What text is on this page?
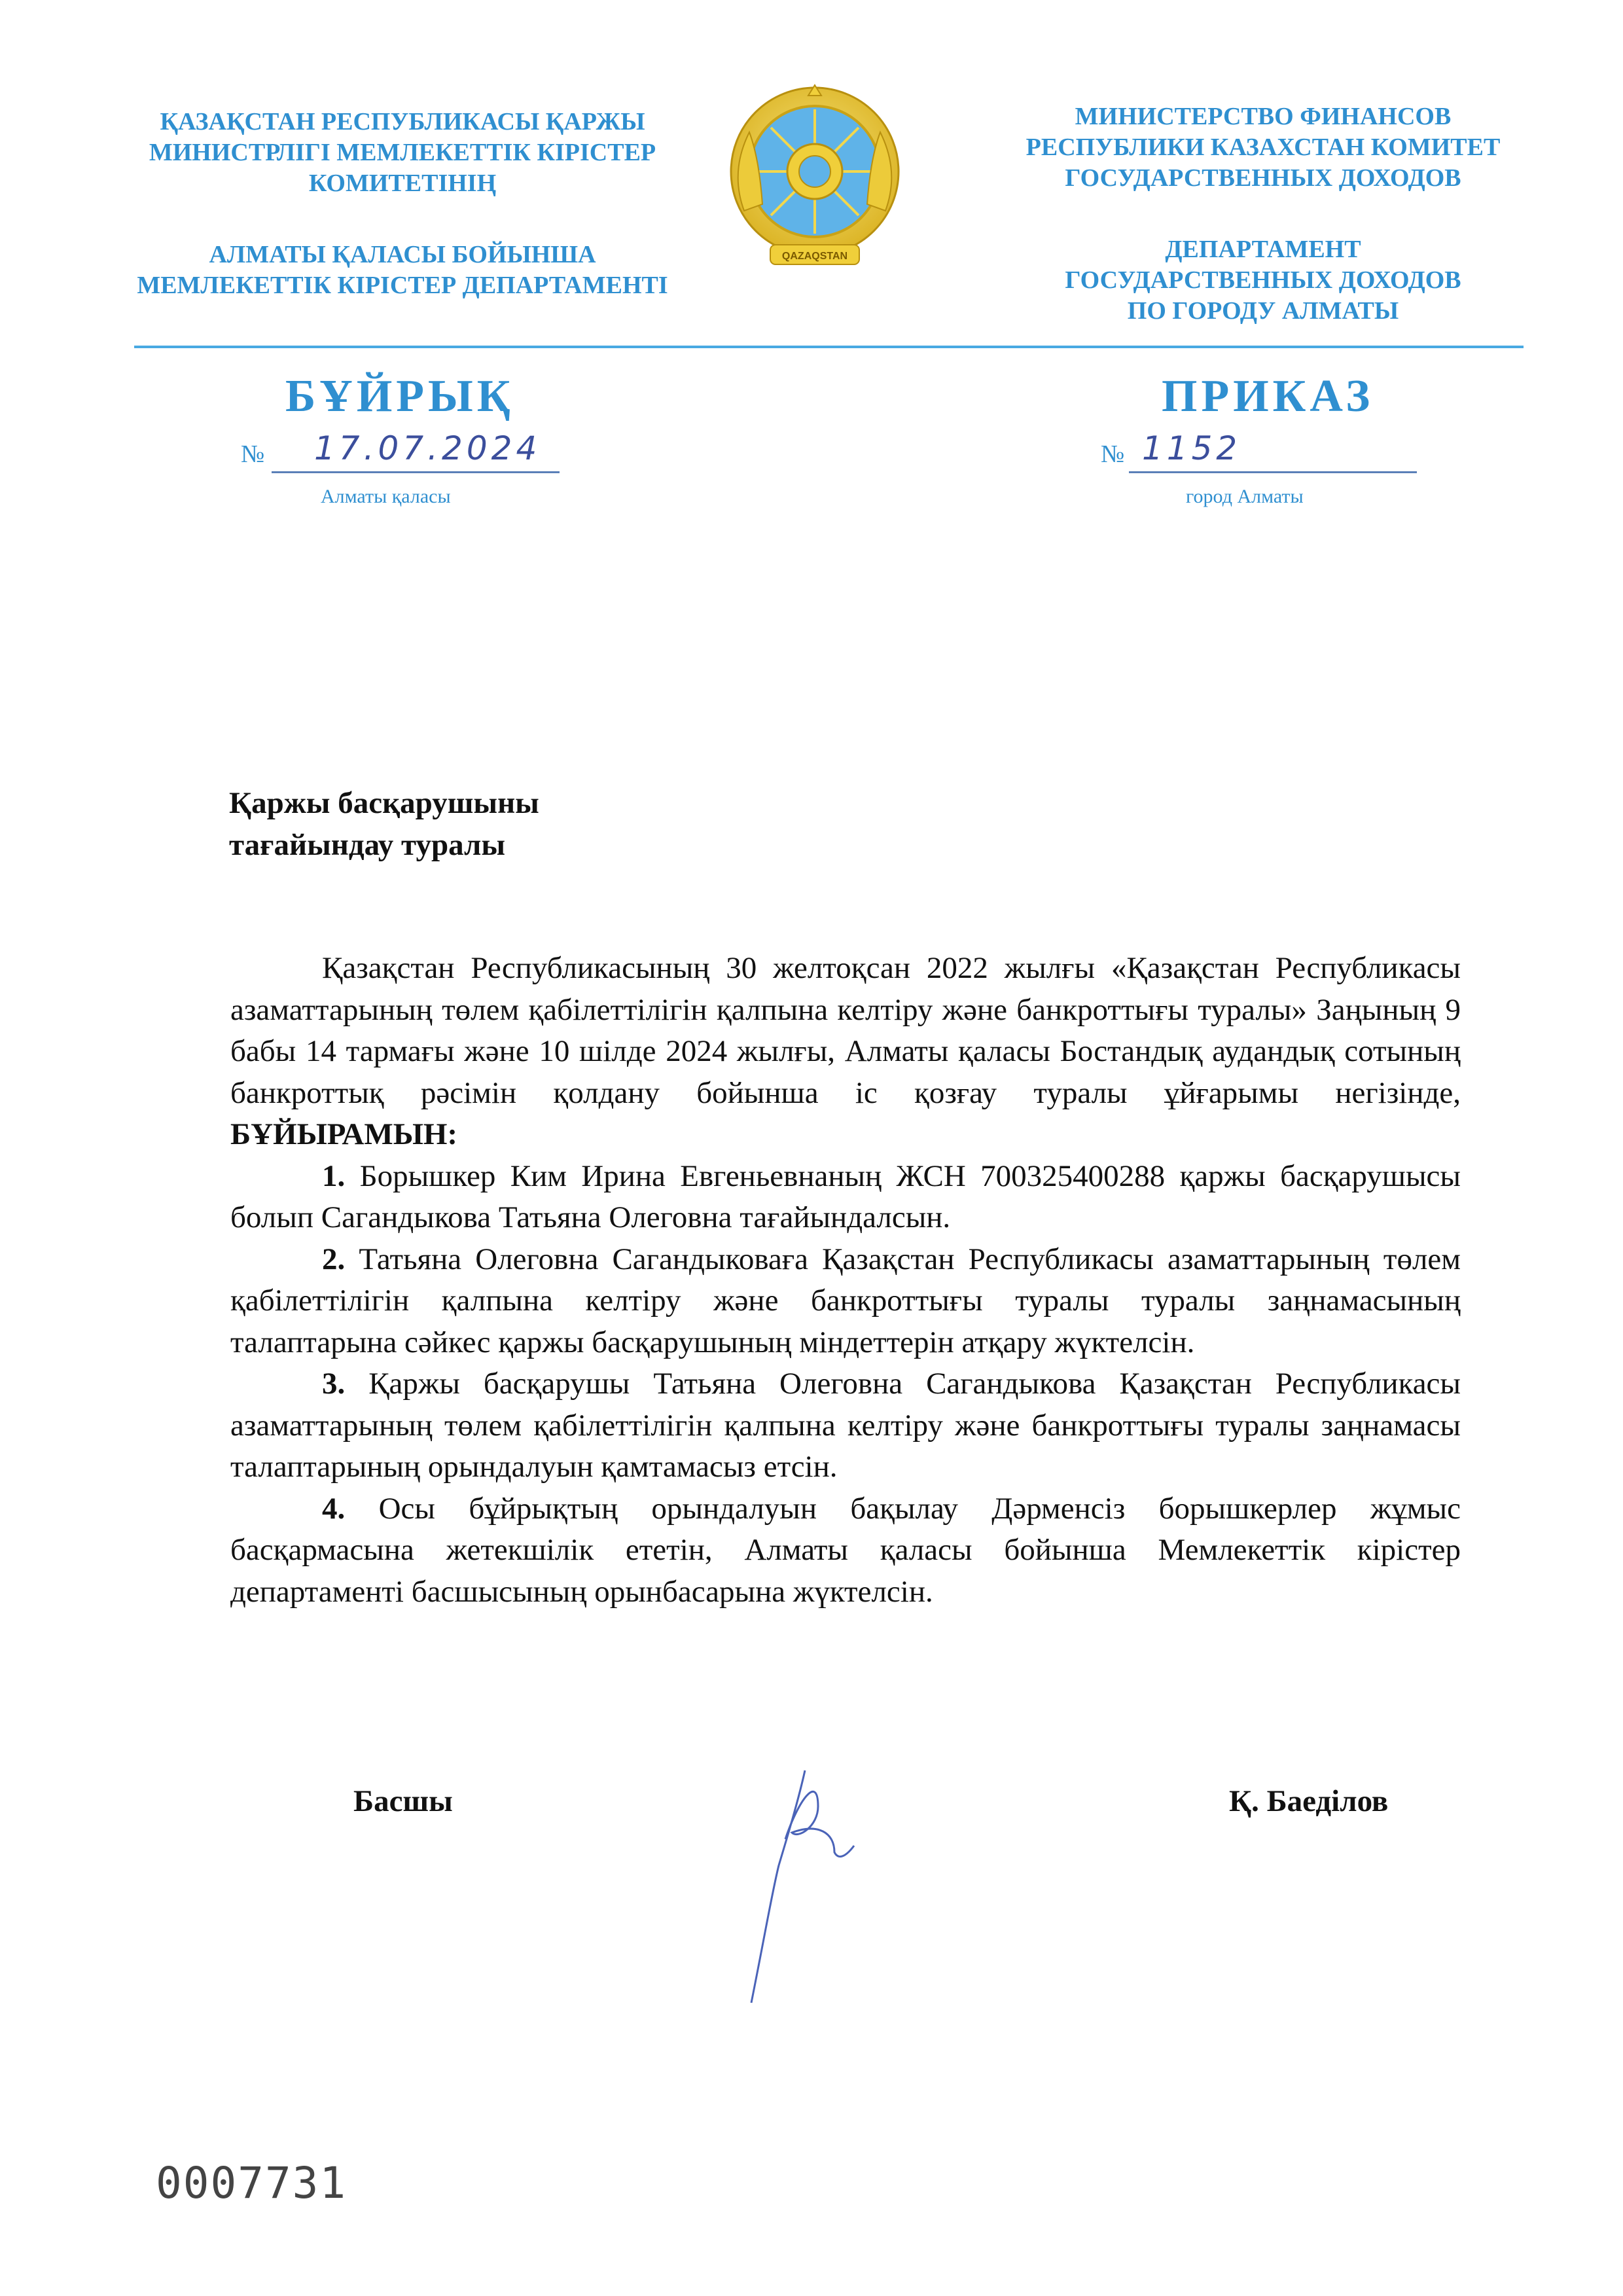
ҚАЗАҚСТАН РЕСПУБЛИКАСЫ ҚАРЖЫ
МИНИСТРЛІГІ МЕМЛЕКЕТТІК КІРІСТЕР
КОМИТЕТІНІҢ
АЛМАТЫ ҚАЛАСЫ БОЙЫНША
МЕМЛЕКЕТТІК КІРІСТЕР ДЕПАРТАМЕНТІ
QAZAQSTAN
МИНИСТЕРСТВО ФИНАНСОВ
РЕСПУБЛИКИ КАЗАХСТАН КОМИТЕТ
ГОСУДАРСТВЕННЫХ ДОХОДОВ
ДЕПАРТАМЕНТ
ГОСУДАРСТВЕННЫХ ДОХОДОВ
ПО ГОРОДУ АЛМАТЫ
БҰЙРЫҚ	ПРИКАЗ
№ 17.07.2024
Алматы қаласы
№ 1152
город Алматы
Қаржы басқарушыны
тағайындау туралы

Қазақстан Республикасының 30 желтоқсан 2022 жылғы «Қазақстан Республикасы азаматтарының төлем қабілеттілігін қалпына келтіру және банкроттығы туралы» Заңының 9 бабы 14 тармағы және 10 шілде 2024 жылғы, Алматы қаласы Бостандық аудандық сотының банкроттық рәсімін қолдану бойынша іс қозғау туралы ұйғарымы негізінде, БҰЙЫРАМЫН:

1. Борышкер Ким Ирина Евгеньевнаның ЖСН 700325400288 қаржы басқарушысы болып Сагандыкова Татьяна Олеговна тағайындалсын.

2. Татьяна Олеговна Сагандыковаға Қазақстан Республикасы азаматтарының төлем қабілеттілігін қалпына келтіру және банкроттығы туралы туралы заңнамасының талаптарына сәйкес қаржы басқарушының міндеттерін атқару жүктелсін.

3. Қаржы басқарушы Татьяна Олеговна Сагандыкова Қазақстан Республикасы азаматтарының төлем қабілеттілігін қалпына келтіру және банкроттығы туралы заңнамасы талаптарының орындалуын қамтамасыз етсін.

4. Осы бұйрықтың орындалуын бақылау Дәрменсіз борышкерлер жұмыс басқармасына жетекшілік ететін, Алматы қаласы бойынша Мемлекеттік кірістер департаменті басшысының орынбасарына жүктелсін.

Басшы	Қ. Баеділов
0007731
